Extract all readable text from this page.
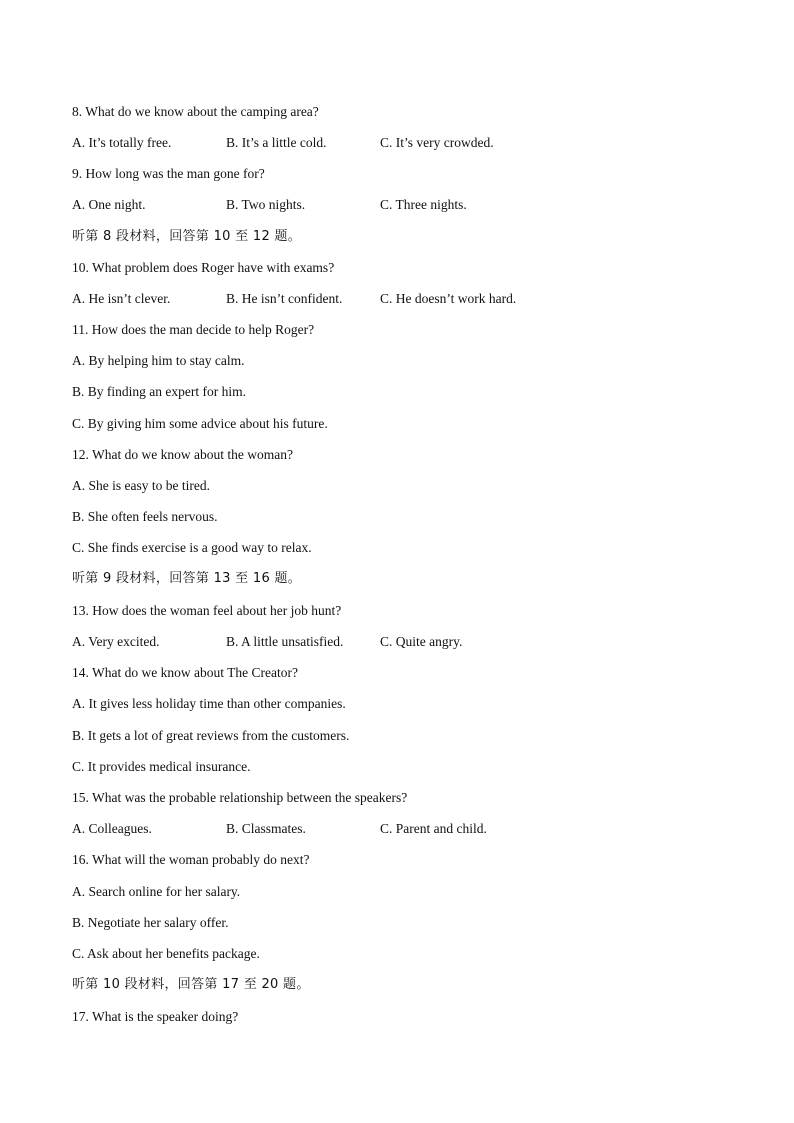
8. What do we know about the camping area?
A. It’s totally free.	B. It’s a little cold.	C. It’s very crowded.
9. How long was the man gone for?
A. One night.	B. Two nights.	C. Three nights.
听第 8 段材料，回答第 10 至 12 题。
10. What problem does Roger have with exams?
A. He isn’t clever.	B. He isn’t confident.	C. He doesn’t work hard.
11. How does the man decide to help Roger?
A. By helping him to stay calm.
B. By finding an expert for him.
C. By giving him some advice about his future.
12. What do we know about the woman?
A. She is easy to be tired.
B. She often feels nervous.
C. She finds exercise is a good way to relax.
听第 9 段材料，回答第 13 至 16 题。
13. How does the woman feel about her job hunt?
A. Very excited.	B. A little unsatisfied.	C. Quite angry.
14. What do we know about The Creator?
A. It gives less holiday time than other companies.
B. It gets a lot of great reviews from the customers.
C. It provides medical insurance.
15. What was the probable relationship between the speakers?
A. Colleagues.	B. Classmates.	C. Parent and child.
16. What will the woman probably do next?
A. Search online for her salary.
B. Negotiate her salary offer.
C. Ask about her benefits package.
听第 10 段材料，回答第 17 至 20 题。
17. What is the speaker doing?
